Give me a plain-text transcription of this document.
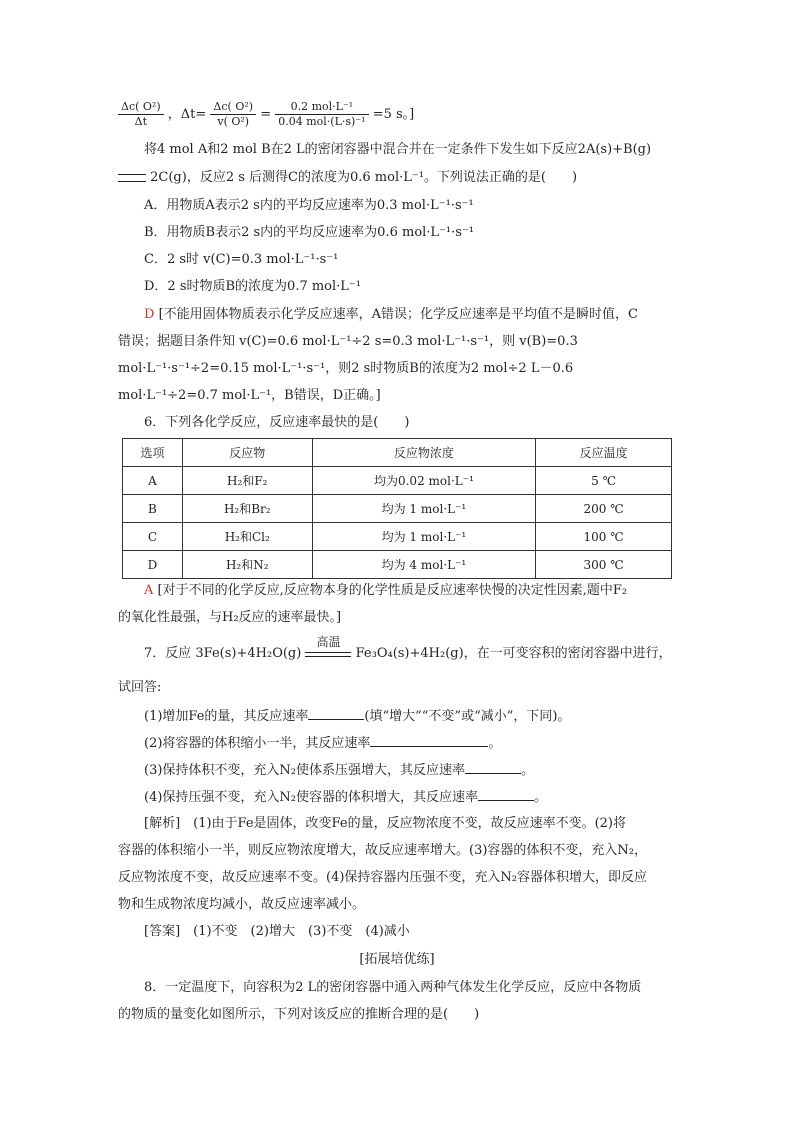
$\frac{\text{Δc( O²)}}{\Delta t}$ ，$\Delta t= \frac{\text{Δc( O²)}}{\text{v( O²)}} = \frac{\text{0.2 mol·L⁻¹}}{\text{0.04 mol·(L·s)⁻¹}} =5$ s。]
将4 mol A和2 mol B在2 L的密闭容器中混合并在一定条件下发生如下反应2A(s)+B(g)
2C(g)，反应2 s 后测得C的浓度为0.6 mol·L⁻¹。下列说法正确的是(　　)
A．用物质A表示2 s内的平均反应速率为0.3 mol·L⁻¹·s⁻¹
B．用物质B表示2 s内的平均反应速率为0.6 mol·L⁻¹·s⁻¹
C．2 s时 v(C)=0.3 mol·L⁻¹·s⁻¹
D．2 s时物质B的浓度为0.7 mol·L⁻¹
D [不能用固体物质表示化学反应速率，A错误；化学反应速率是平均值不是瞬时值，C
错误；据题目条件知 v(C)=0.6 mol·L⁻¹÷2 s=0.3 mol·L⁻¹·s⁻¹，则 v(B)=0.3
mol·L⁻¹·s⁻¹÷2=0.15 mol·L⁻¹·s⁻¹，则2 s时物质B的浓度为2 mol÷2 L－0.6
mol·L⁻¹÷2=0.7 mol·L⁻¹，B错误，D正确。]
6．下列各化学反应，反应速率最快的是(　　)
选项	反应物	反应物浓度	反应温度
A	H₂和F₂	均为0.02 mol·L⁻¹	5 ℃
B	H₂和Br₂	均为 1 mol·L⁻¹	200 ℃
C	H₂和Cl₂	均为 1 mol·L⁻¹	100 ℃
D	H₂和N₂	均为 4 mol·L⁻¹	300 ℃
A [对于不同的化学反应,反应物本身的化学性质是反应速率快慢的决定性因素,题中F₂
的氧化性最强，与H₂反应的速率最快。]
7．反应 3Fe(s)+4H₂O(g)
高温
Fe₃O₄(s)+4H₂(g)，在一可变容积的密闭容器中进行，
试回答:
(1)增加Fe的量，其反应速率	(填“增大”“不变”或“减小”，下同)。
(2)将容器的体积缩小一半，其反应速率	。
(3)保持体积不变，充入N₂使体系压强增大，其反应速率	。
(4)保持压强不变，充入N₂使容器的体积增大，其反应速率	。
[解析]　(1)由于Fe是固体，改变Fe的量，反应物浓度不变，故反应速率不变。(2)将
容器的体积缩小一半，则反应物浓度增大，故反应速率增大。(3)容器的体积不变，充入N₂，
反应物浓度不变，故反应速率不变。(4)保持容器内压强不变，充入N₂容器体积增大，即反应
物和生成物浓度均减小，故反应速率减小。
[答案]　(1)不变　(2)增大　(3)不变　(4)减小
[拓展培优练]
8．一定温度下，向容积为2 L的密闭容器中通入两种气体发生化学反应，反应中各物质
的物质的量变化如图所示，下列对该反应的推断合理的是(　　)
